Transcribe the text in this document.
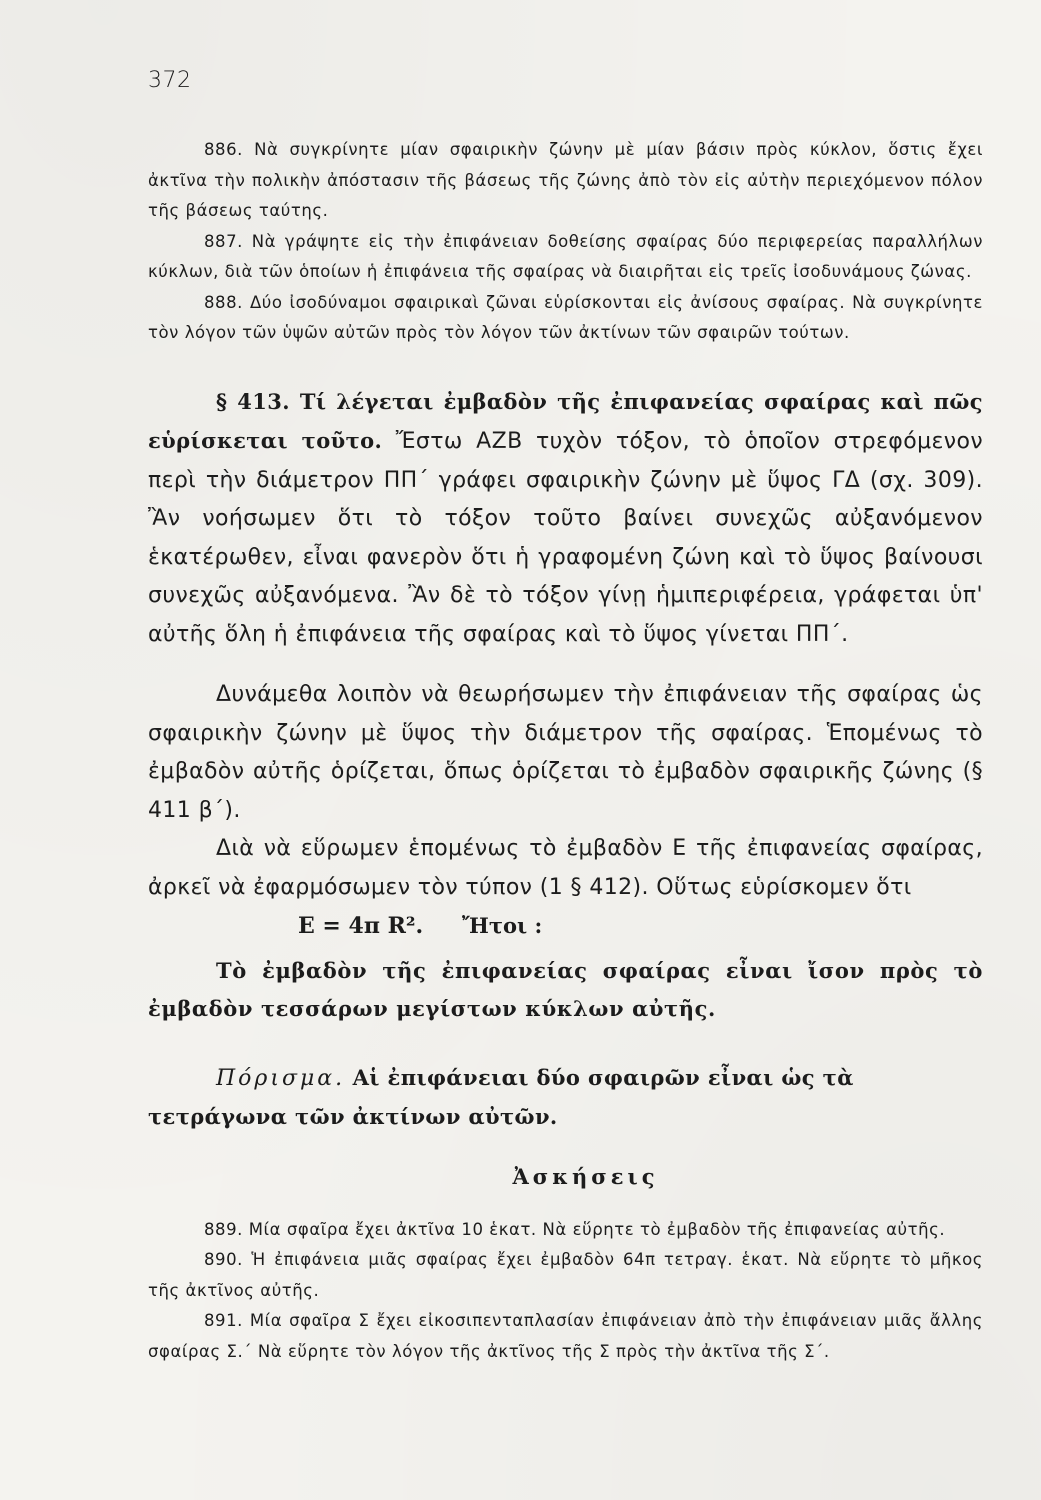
372

886. Νὰ συγκρίνητε μίαν σφαιρικὴν ζώνην μὲ μίαν βάσιν πρὸς κύκλον, ὅστις ἔχει ἀκτῖνα τὴν πολικὴν ἀπόστασιν τῆς βάσεως τῆς ζώνης ἀπὸ τὸν εἰς αὐτὴν περιεχόμενον πόλον τῆς βάσεως ταύτης.

887. Νὰ γράψητε εἰς τὴν ἐπιφάνειαν δοθείσης σφαίρας δύο περιφερείας παραλλήλων κύκλων, διὰ τῶν ὁποίων ἡ ἐπιφάνεια τῆς σφαίρας νὰ διαιρῆται εἰς τρεῖς ἰσοδυνάμους ζώνας.

888. Δύο ἰσοδύναμοι σφαιρικαὶ ζῶναι εὑρίσκονται εἰς ἀνίσους σφαίρας. Νὰ συγκρίνητε τὸν λόγον τῶν ὑψῶν αὐτῶν πρὸς τὸν λόγον τῶν ἀκτίνων τῶν σφαιρῶν τούτων.

§ 413. Τί λέγεται ἐμβαδὸν τῆς ἐπιφανείας σφαίρας καὶ πῶς εὑρίσκεται τοῦτο. Ἔστω ΑΖΒ τυχὸν τόξον, τὸ ὁποῖον στρεφόμενον περὶ τὴν διάμετρον ΠΠ΄ γράφει σφαιρικὴν ζώνην μὲ ὕψος ΓΔ (σχ. 309). Ἂν νοήσωμεν ὅτι τὸ τόξον τοῦτο βαίνει συνεχῶς αὐξανόμενον ἑκατέρωθεν, εἶναι φανερὸν ὅτι ἡ γραφομένη ζώνη καὶ τὸ ὕψος βαίνουσι συνεχῶς αὐξανόμενα. Ἂν δὲ τὸ τόξον γίνῃ ἡμιπεριφέρεια, γράφεται ὑπ' αὐτῆς ὅλη ἡ ἐπιφάνεια τῆς σφαίρας καὶ τὸ ὕψος γίνεται ΠΠ΄.

Δυνάμεθα λοιπὸν νὰ θεωρήσωμεν τὴν ἐπιφάνειαν τῆς σφαίρας ὡς σφαιρικὴν ζώνην μὲ ὕψος τὴν διάμετρον τῆς σφαίρας. Ἑπομένως τὸ ἐμβαδὸν αὐτῆς ὁρίζεται, ὅπως ὁρίζεται τὸ ἐμβαδὸν σφαιρικῆς ζώνης (§ 411 β΄).

Διὰ νὰ εὕρωμεν ἑπομένως τὸ ἐμβαδὸν Ε τῆς ἐπιφανείας σφαίρας, ἀρκεῖ νὰ ἐφαρμόσωμεν τὸν τύπον (1 § 412). Οὕτως εὑρίσκομεν ὅτι

Ε = 4π R².	Ἤτοι :

Τὸ ἐμβαδὸν τῆς ἐπιφανείας σφαίρας εἶναι ἴσον πρὸς τὸ ἐμβαδὸν τεσσάρων μεγίστων κύκλων αὐτῆς.

Πόρισμα. Αἱ ἐπιφάνειαι δύο σφαιρῶν εἶναι ὡς τὰ τετράγωνα τῶν ἀκτίνων αὐτῶν.

Ἀσκήσεις

889. Μία σφαῖρα ἔχει ἀκτῖνα 10 ἑκατ. Νὰ εὕρητε τὸ ἐμβαδὸν τῆς ἐπιφανείας αὐτῆς.

890. Ἡ ἐπιφάνεια μιᾶς σφαίρας ἔχει ἐμβαδὸν 64π τετραγ. ἑκατ. Νὰ εὕρητε τὸ μῆκος τῆς ἀκτῖνος αὐτῆς.

891. Μία σφαῖρα Σ ἔχει εἰκοσιπενταπλασίαν ἐπιφάνειαν ἀπὸ τὴν ἐπιφάνειαν μιᾶς ἄλλης σφαίρας Σ.΄ Νὰ εὕρητε τὸν λόγον τῆς ἀκτῖνος τῆς Σ πρὸς τὴν ἀκτῖνα τῆς Σ΄.
